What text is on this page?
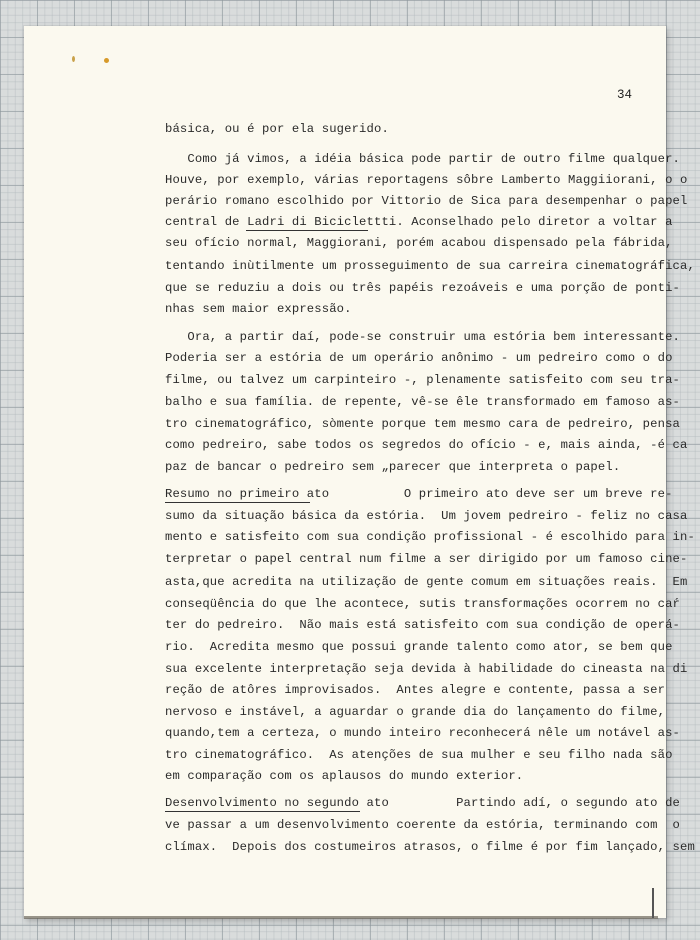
34
básica, ou é por ela sugerido.
Como já vimos, a idéia básica pode partir de outro filme qualquer.
Houve, por exemplo, várias reportagens sôbre Lamberto Maggiiorani, o o
perário romano escolhido por Vittorio de Sica para desempenhar o papel
central de Ladri di Biciclettti. Aconselhado pelo diretor a voltar a
seu ofício normal, Maggiorani, porém acabou dispensado pela fábrida,
tentando inùtilmente um prosseguimento de sua carreira cinematográfica,
que se reduziu a dois ou três papéis rezoáveis e uma porção de ponti-
nhas sem maior expressão.
Ora, a partir daí, pode-se construir uma estória bem interessante.
Poderia ser a estória de um operário anônimo - um pedreiro como o do
filme, ou talvez um carpinteiro -, plenamente satisfeito com seu tra-
balho e sua família. de repente, vê-se êle transformado em famoso as-
tro cinematográfico, sòmente porque tem mesmo cara de pedreiro, pensa
como pedreiro, sabe todos os segredos do ofício - e, mais ainda, -é ca
paz de bancar o pedreiro sem „parecer que interpreta o papel.
Resumo no primeiro ato          O primeiro ato deve ser um breve re-
sumo da situação básica da estória.  Um jovem pedreiro - feliz no casa
mento e satisfeito com sua condição profissional - é escolhido para in-
terpretar o papel central num filme a ser dirigido por um famoso cine-
asta,que acredita na utilização de gente comum em situações reais.  Em
conseqüência do que lhe acontece, sutis transformações ocorrem no caŕ
ter do pedreiro.  Não mais está satisfeito com sua condição de operá-
rio.  Acredita mesmo que possui grande talento como ator, se bem que
sua excelente interpretação seja devida à habilidade do cineasta na di
reção de atôres improvisados.  Antes alegre e contente, passa a ser
nervoso e instável, a aguardar o grande dia do lançamento do filme,
quando,tem a certeza, o mundo inteiro reconhecerá nêle um notável as-
tro cinematográfico.  As atenções de sua mulher e seu filho nada são
em comparação com os aplausos do mundo exterior.
Desenvolvimento no segundo ato         Partindo adí, o segundo ato de
ve passar a um desenvolvimento coerente da estória, terminando com  o
clímax.  Depois dos costumeiros atrasos, o filme é por fim lançado, sem
